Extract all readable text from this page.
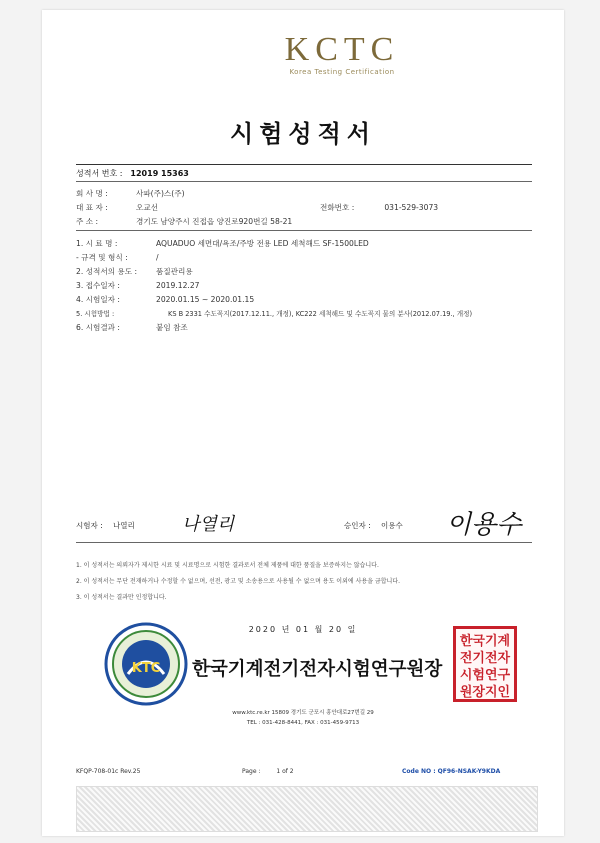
KCTC
Korea Testing Certification
시험성적서
성적서 번호 : 12019 15363
회 사 명 :	사파(주)스(주)
대 표 자 :	오교선	전화번호 :	031-529-3073
주 소 :	경기도 남양주시 진접읍 양진로920번길 58-21
1. 시 료 명 :	AQUADUO 세면대/욕조/주방 전용 LED 세척해드 SF-1500LED
- 규격 및 형식 :	/
2. 성적서의 용도 : 품질관리용
3. 접수일자 :	2019.12.27
4. 시험일자 :	2020.01.15 ~ 2020.01.15
5. 시험방법 :	KS B 2331 수도꼭지(2017.12.11., 개정), KC222 세척해드 및 수도꼭지 물의 분사(2012.07.19., 개정)
6. 시험결과 :	붙임 참조
시험자 : 나열리	나열리	승인자 : 이용수 이용수
1. 이 성적서는 의뢰자가 제시한 시료 및 시료명으로 시험한 결과로서 전체 제품에 대한 품질을 보증하지는 않습니다.
2. 이 성적서는 무단 전재하거나 수정할 수 없으며, 선전, 광고 및 소송용으로 사용될 수 없으며 용도 이외에 사용을 금합니다.
3. 이 성적서는 결과만 인정합니다.
2020 년 01 월 20 일
KTC 한국기계전기전자시험연구원장
한국기계
전기전자
시험연구
원장지인
www.ktc.re.kr 15809 경기도 군포시 흥안대로27번길 29
TEL : 031-428-8441, FAX : 031-459-9713
KFQP-708-01c Rev.25	Page :	1 of 2	Code NO : QF96-NSAK-Y9KDA
